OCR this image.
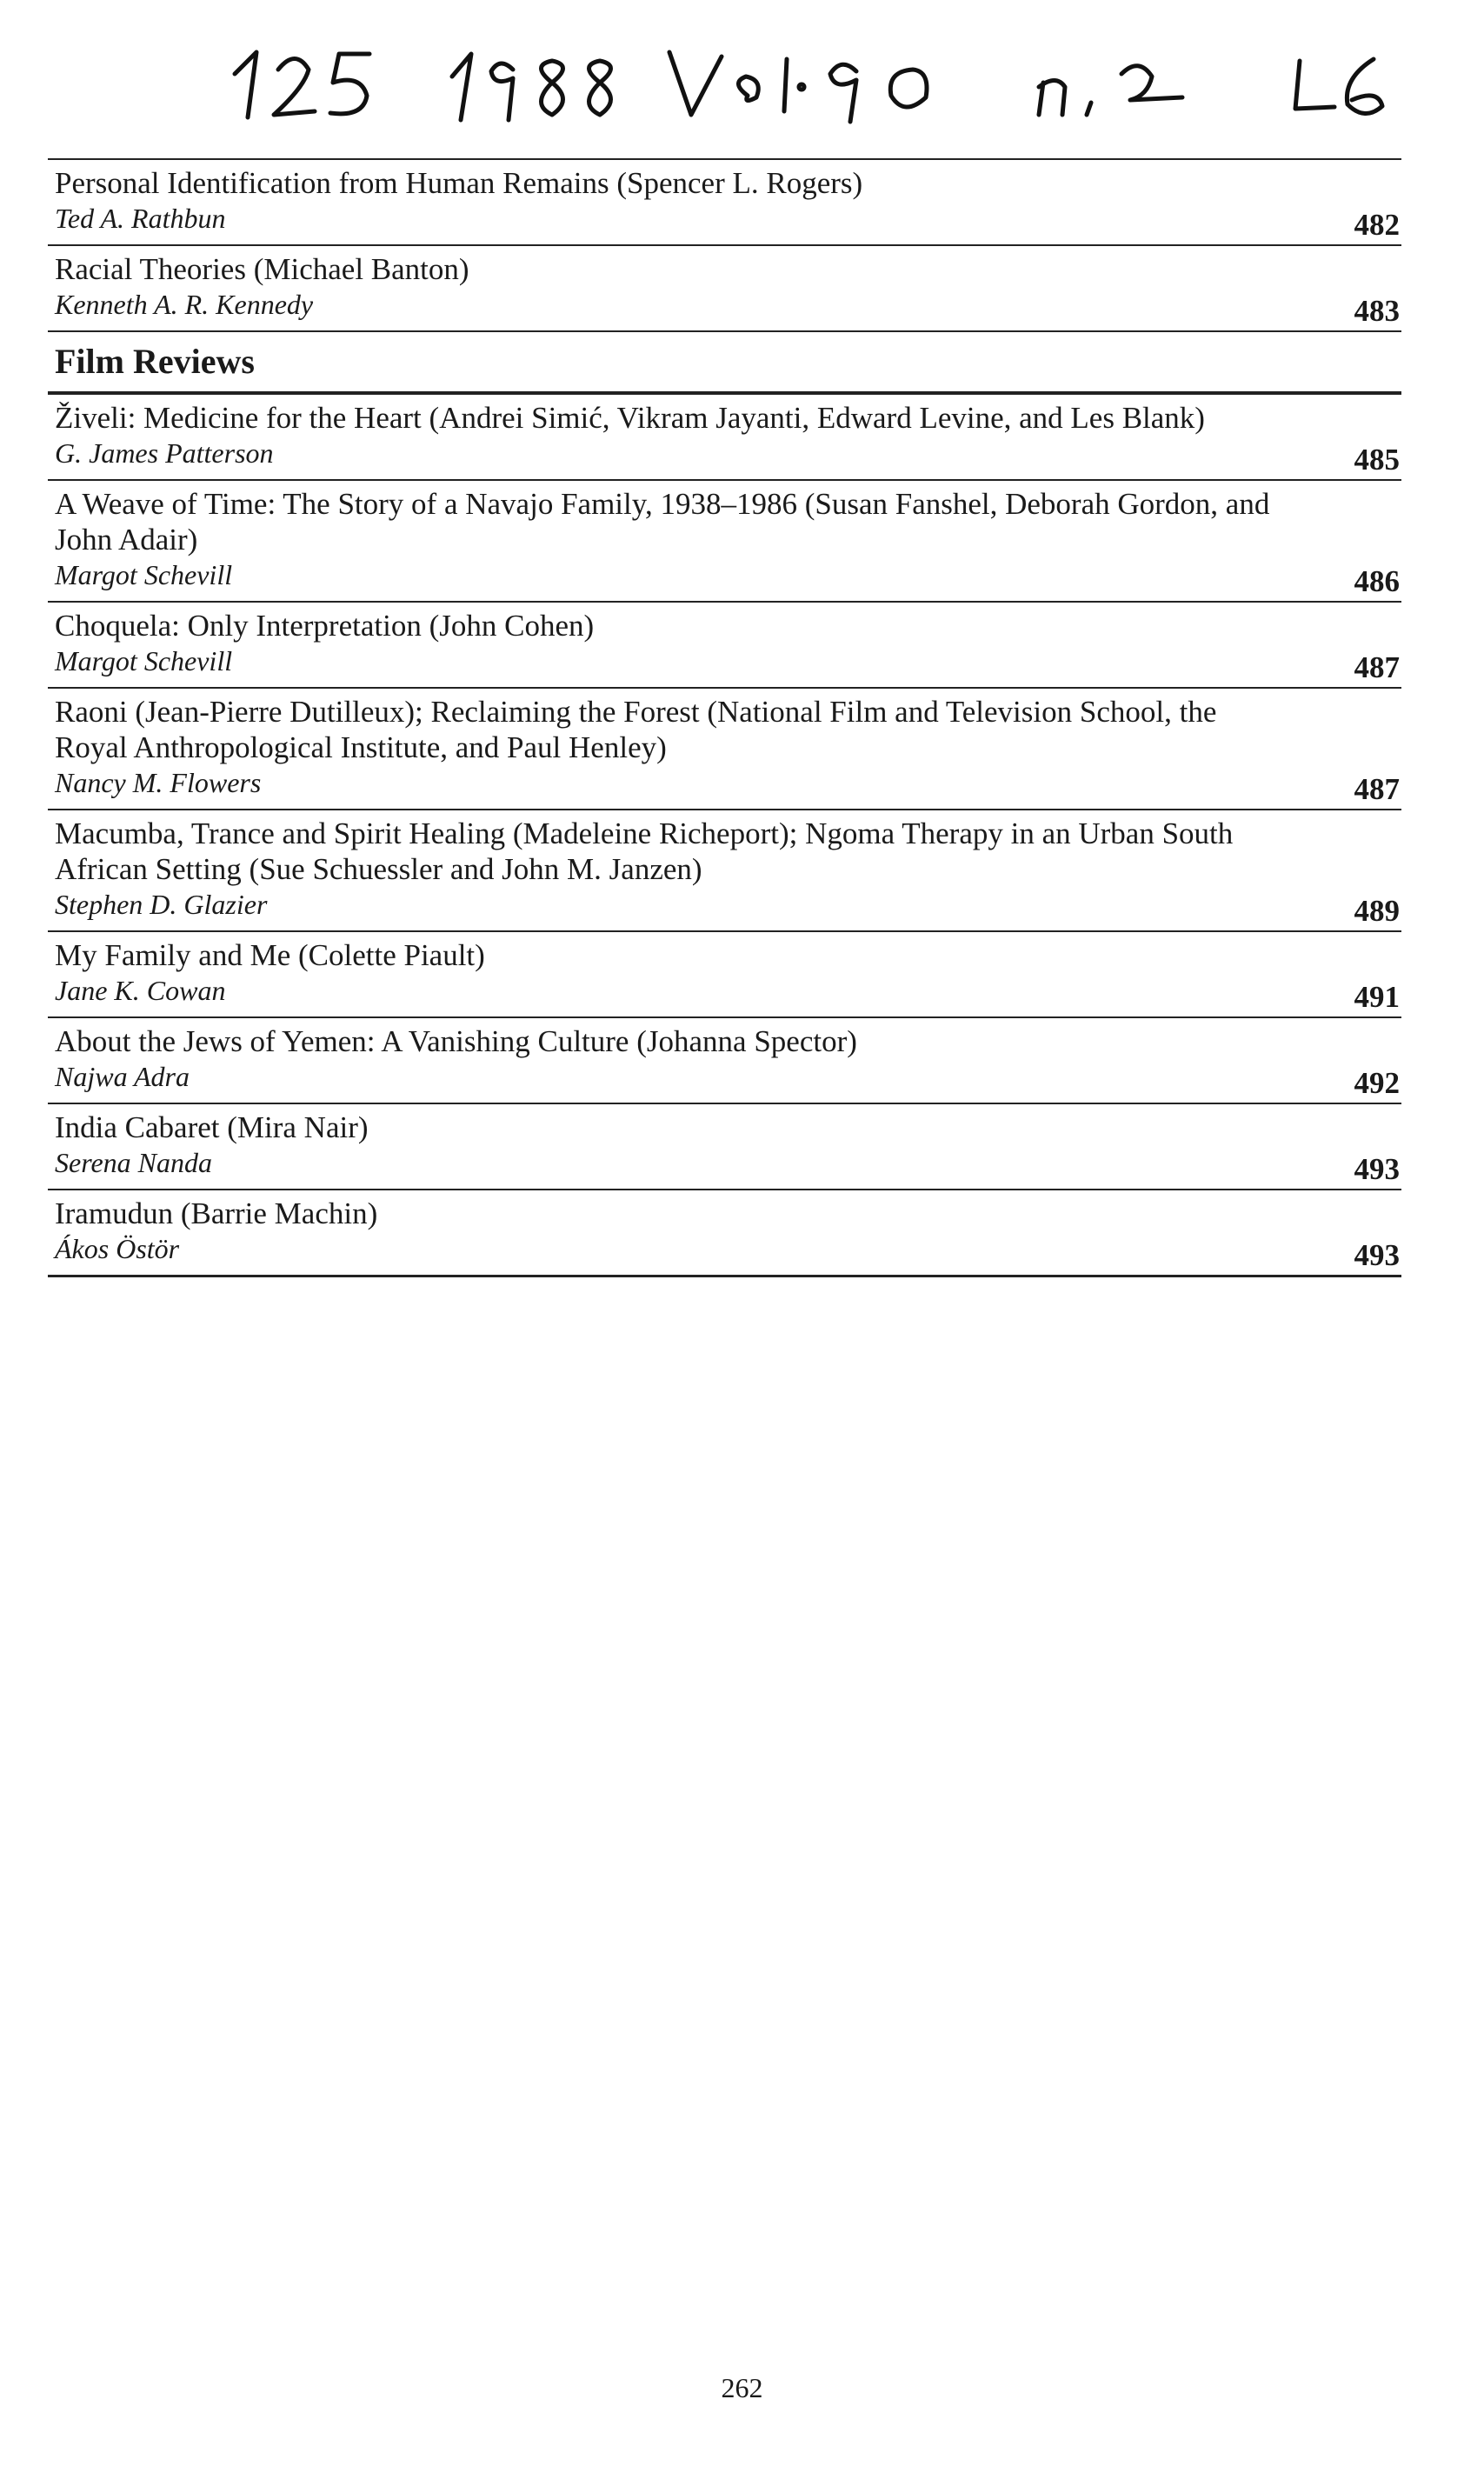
Personal Identification from Human Remains (Spencer L. Rogers)
Ted A. Rathbun	482
Racial Theories (Michael Banton)
Kenneth A. R. Kennedy	483
Film Reviews
Živeli: Medicine for the Heart (Andrei Simić, Vikram Jayanti, Edward Levine, and Les Blank)
G. James Patterson	485
A Weave of Time: The Story of a Navajo Family, 1938–1986 (Susan Fanshel, Deborah Gordon, and John Adair)
Margot Schevill	486
Choquela: Only Interpretation (John Cohen)
Margot Schevill	487
Raoni (Jean-Pierre Dutilleux); Reclaiming the Forest (National Film and Television School, the Royal Anthropological Institute, and Paul Henley)
Nancy M. Flowers	487
Macumba, Trance and Spirit Healing (Madeleine Richeport); Ngoma Therapy in an Urban South African Setting (Sue Schuessler and John M. Janzen)
Stephen D. Glazier	489
My Family and Me (Colette Piault)
Jane K. Cowan	491
About the Jews of Yemen: A Vanishing Culture (Johanna Spector)
Najwa Adra	492
India Cabaret (Mira Nair)
Serena Nanda	493
Iramudun (Barrie Machin)
Ákos Östör	493
262
